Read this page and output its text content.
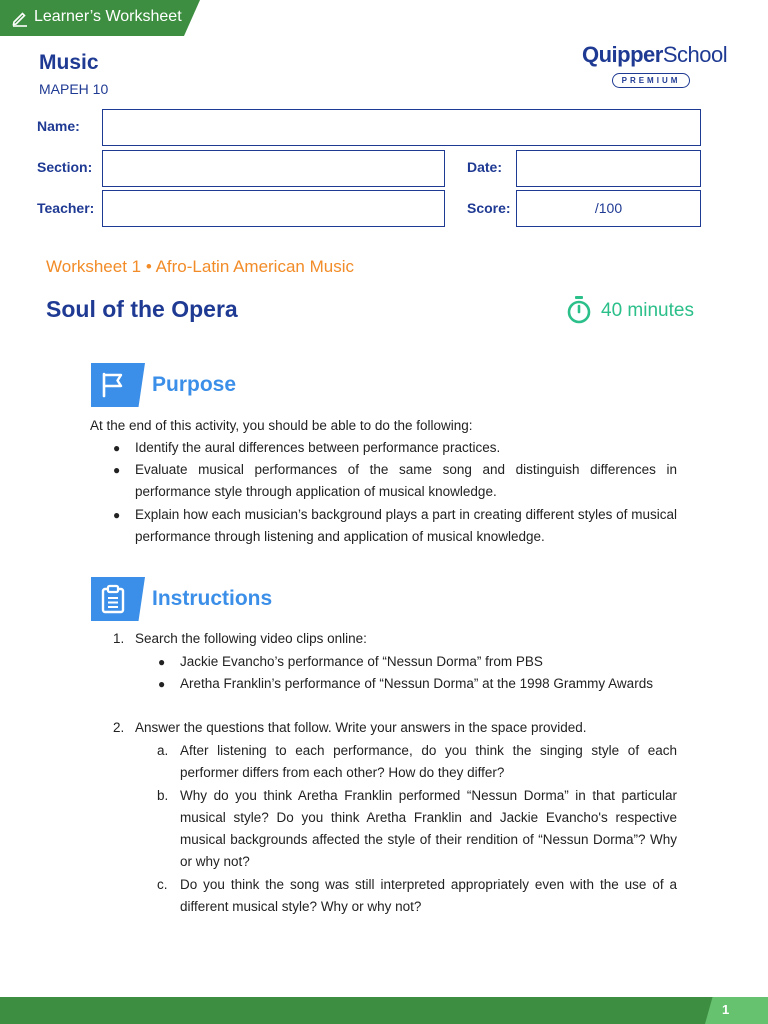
Learner’s Worksheet
Music
MAPEH 10
QuipperSchool
PREMIUM
Name:
Section:	Date:
Teacher:	Score:	/100
Worksheet 1 • Afro-Latin American Music
Soul of the Opera	40 minutes
Purpose
At the end of this activity, you should be able to do the following:
● Identify the aural differences between performance practices.
● Evaluate musical performances of the same song and distinguish differences in performance style through application of musical knowledge.
● Explain how each musician’s background plays a part in creating different styles of musical performance through listening and application of musical knowledge.
Instructions
1. Search the following video clips online:
● Jackie Evancho’s performance of “Nessun Dorma” from PBS
● Aretha Franklin’s performance of “Nessun Dorma” at the 1998 Grammy Awards
2. Answer the questions that follow. Write your answers in the space provided.
a. After listening to each performance, do you think the singing style of each performer differs from each other? How do they differ?
b. Why do you think Aretha Franklin performed “Nessun Dorma” in that particular musical style? Do you think Aretha Franklin and Jackie Evancho's respective musical backgrounds affected the style of their rendition of “Nessun Dorma”? Why or why not?
c. Do you think the song was still interpreted appropriately even with the use of a different musical style? Why or why not?
1
